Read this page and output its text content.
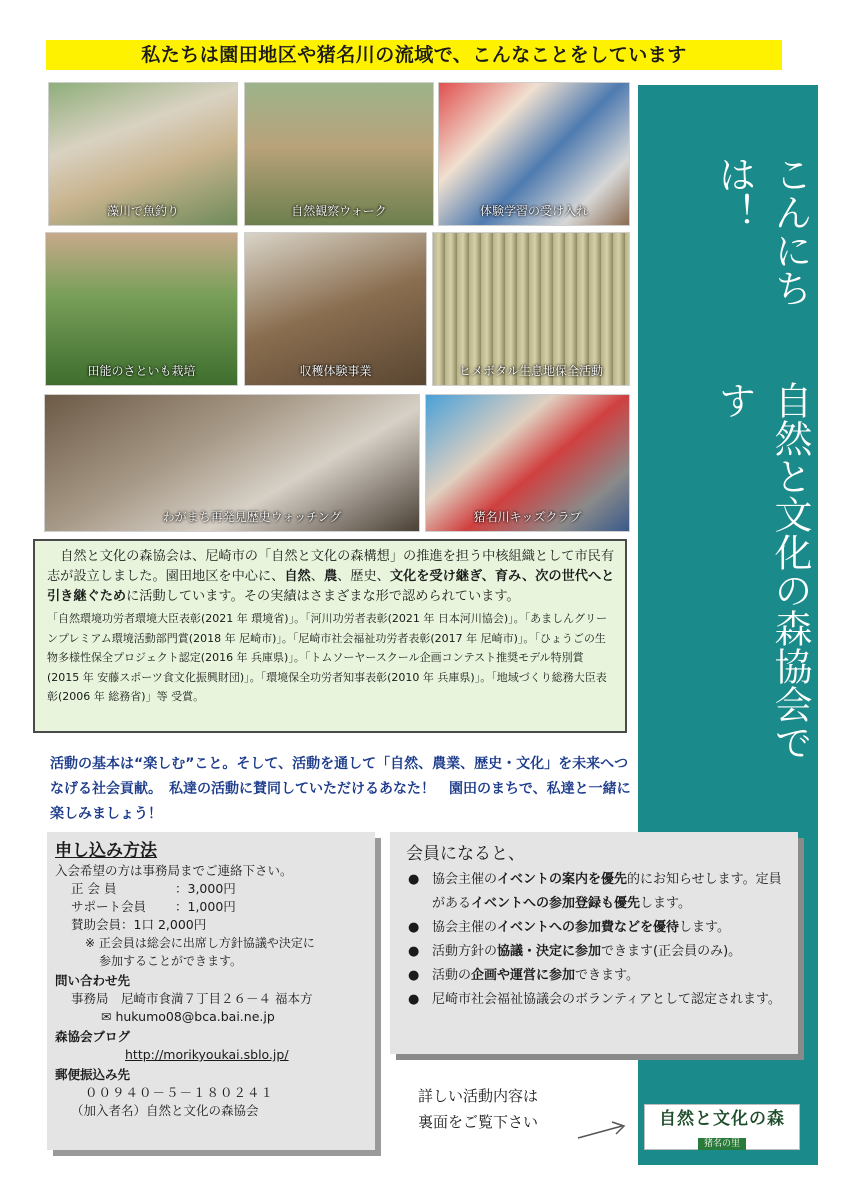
私たちは園田地区や猪名川の流域で、こんなことをしています
藻川で魚釣り	自然観察ウォーク	体験学習の受け入れ
田能のさといも栽培	収穫体験事業	ヒメボタル生息地保全活動
わがまち再発見歴史ウォッチング	猪名川キッズクラブ
こんにちは！
自然と文化の森協会です

自然と文化の森協会は、尼崎市の「自然と文化の森構想」の推進を担う中核組織として市民有志が設立しました。園田地区を中心に、自然、農、歴史、文化を受け継ぎ、育み、次の世代へと引き継ぐために活動しています。その実績はさまざまな形で認められています。

「自然環境功労者環境大臣表彰(2021 年 環境省)」。「河川功労者表彰(2021 年 日本河川協会)」。「あましんグリーンプレミアム環境活動部門賞(2018 年 尼崎市)」。「尼崎市社会福祉功労者表彰(2017 年 尼崎市)」。「ひょうごの生物多様性保全プロジェクト認定(2016 年 兵庫県)」。「トムソーヤースクール企画コンテスト推奨モデル特別賞(2015 年 安藤スポーツ食文化振興財団)」。「環境保全功労者知事表彰(2010 年 兵庫県)」。「地域づくり総務大臣表彰(2006 年 総務省)」等 受賞。

活動の基本は“楽しむ”こと。そして、活動を通して「自然、農業、歴史・文化」を未来へつなげる社会貢献。　私達の活動に賛同していただけるあなた！　園田のまちで、私達と一緒に楽しみましょう！
申し込み方法
入会希望の方は事務局までご連絡下さい。
正 会 員	：3,000円
サポート会員 ：1,000円
賛助会員：1口 2,000円
※ 正会員は総会に出席し方針協議や決定に
参加することができます。
問い合わせ先
事務局　尼崎市食満７丁目２６－４ 福本方
✉ hukumo08@bca.bai.ne.jp
森協会ブログ
http://morikyoukai.sblo.jp/
郵便振込み先
００９４０－５－１８０２４１
（加入者名）自然と文化の森協会
会員になると、
● 協会主催のイベントの案内を優先的にお知らせします。定員があるイベントへの参加登録も優先します。
● 協会主催のイベントへの参加費などを優待します。
● 活動方針の協議・決定に参加できます(正会員のみ)。
● 活動の企画や運営に参加できます。
● 尼崎市社会福祉協議会のボランティアとして認定されます。
詳しい活動内容は
裏面をご覧下さい	自然と文化の森
猪名の里
